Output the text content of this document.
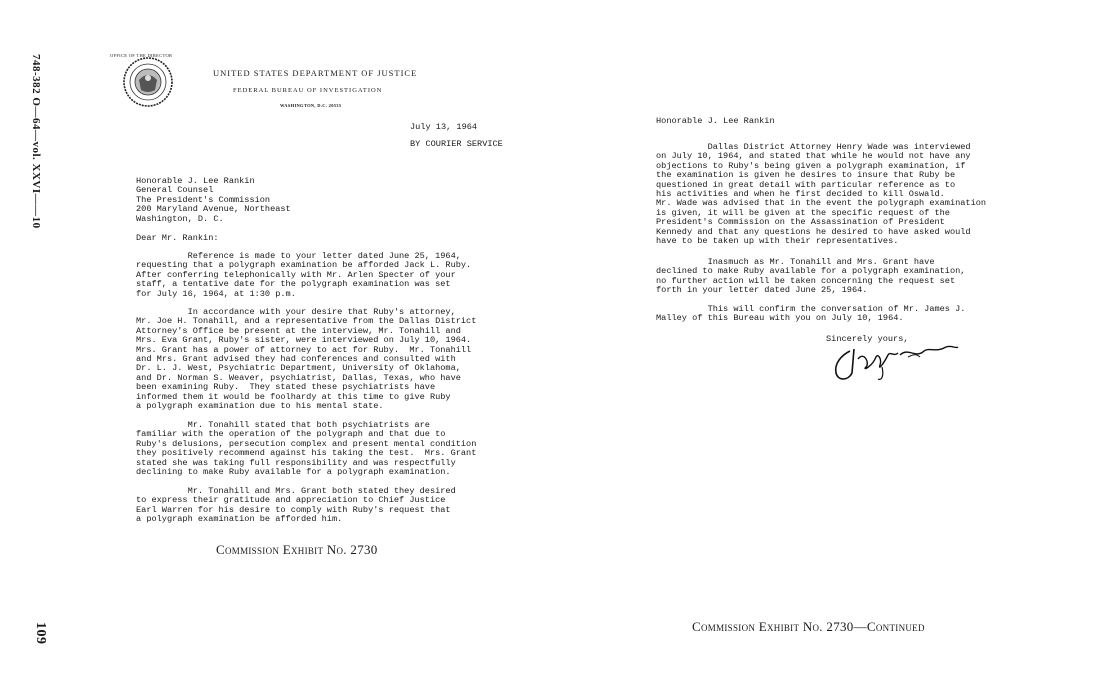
748-382 O—64—vol. XXVI——10
109
OFFICE OF THE DIRECTOR
UNITED STATES DEPARTMENT OF JUSTICE
FEDERAL BUREAU OF INVESTIGATION
WASHINGTON, D.C. 20535
July 13, 1964
BY COURIER SERVICE
Honorable J. Lee Rankin
General Counsel
The President's Commission
200 Maryland Avenue, Northeast
Washington, D. C.
Dear Mr. Rankin:
Reference is made to your letter dated June 25, 1964,
requesting that a polygraph examination be afforded Jack L. Ruby.
After conferring telephonically with Mr. Arlen Specter of your
staff, a tentative date for the polygraph examination was set
for July 16, 1964, at 1:30 p.m.
In accordance with your desire that Ruby's attorney,
Mr. Joe H. Tonahill, and a representative from the Dallas District
Attorney's Office be present at the interview, Mr. Tonahill and
Mrs. Eva Grant, Ruby's sister, were interviewed on July 10, 1964.
Mrs. Grant has a power of attorney to act for Ruby.  Mr. Tonahill
and Mrs. Grant advised they had conferences and consulted with
Dr. L. J. West, Psychiatric Department, University of Oklahoma,
and Dr. Norman S. Weaver, psychiatrist, Dallas, Texas, who have
been examining Ruby.  They stated these psychiatrists have
informed them it would be foolhardy at this time to give Ruby
a polygraph examination due to his mental state.
Mr. Tonahill stated that both psychiatrists are
familiar with the operation of the polygraph and that due to
Ruby's delusions, persecution complex and present mental condition
they positively recommend against his taking the test.  Mrs. Grant
stated she was taking full responsibility and was respectfully
declining to make Ruby available for a polygraph examination.
Mr. Tonahill and Mrs. Grant both stated they desired
to express their gratitude and appreciation to Chief Justice
Earl Warren for his desire to comply with Ruby's request that
a polygraph examination be afforded him.
Commission Exhibit No. 2730
Honorable J. Lee Rankin
Dallas District Attorney Henry Wade was interviewed
on July 10, 1964, and stated that while he would not have any
objections to Ruby's being given a polygraph examination, if
the examination is given he desires to insure that Ruby be
questioned in great detail with particular reference as to
his activities and when he first decided to kill Oswald.
Mr. Wade was advised that in the event the polygraph examination
is given, it will be given at the specific request of the
President's Commission on the Assassination of President
Kennedy and that any questions he desired to have asked would
have to be taken up with their representatives.
Inasmuch as Mr. Tonahill and Mrs. Grant have
declined to make Ruby available for a polygraph examination,
no further action will be taken concerning the request set
forth in your letter dated June 25, 1964.
This will confirm the conversation of Mr. James J.
Malley of this Bureau with you on July 10, 1964.
Sincerely yours,
Commission Exhibit No. 2730—Continued
